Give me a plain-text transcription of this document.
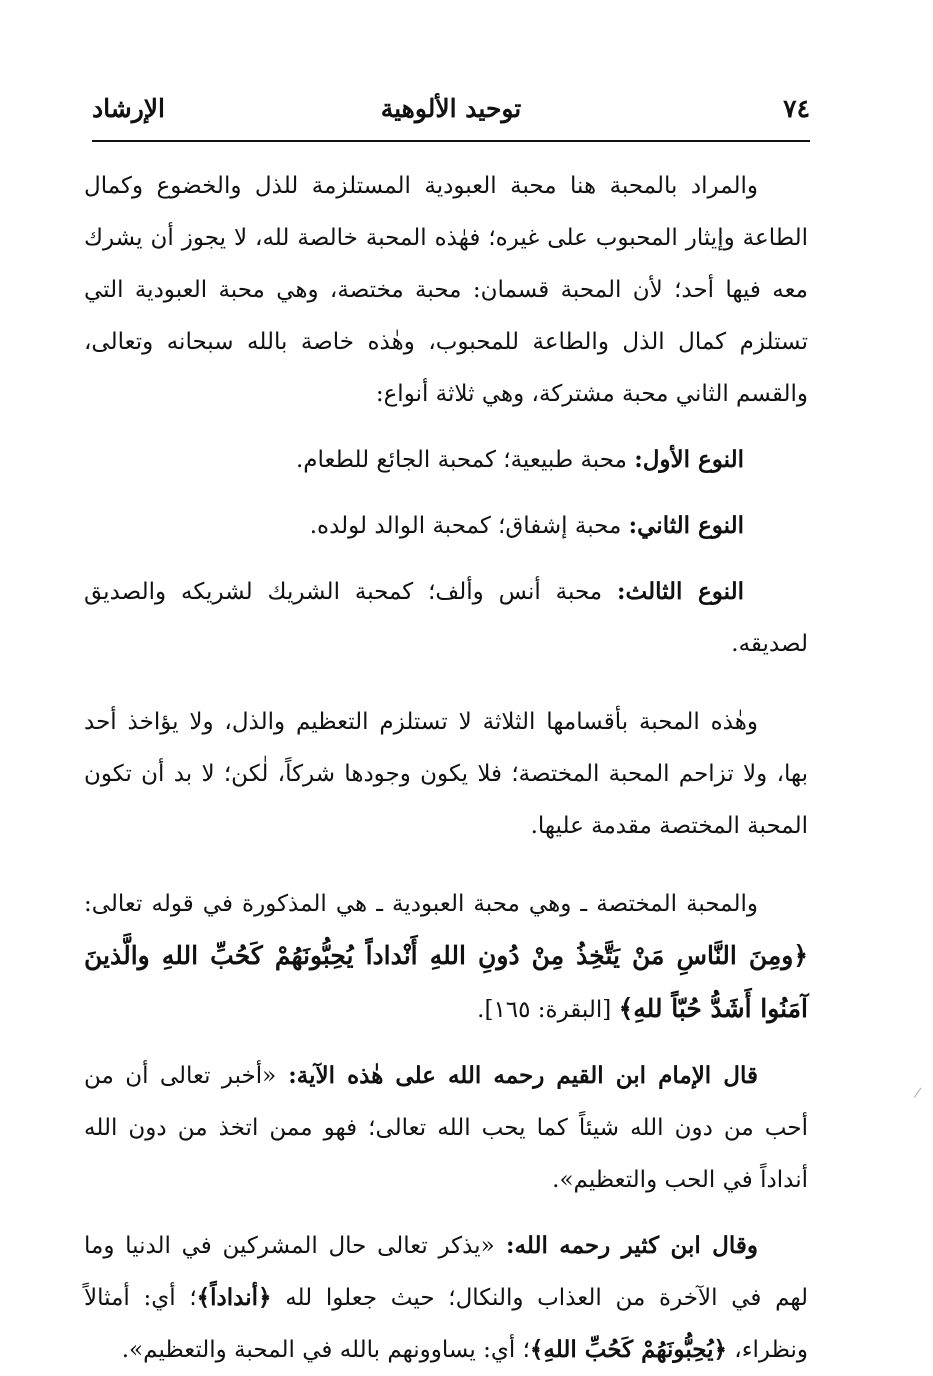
٧٤
توحيد الألوهية
الإرشاد

والمراد بالمحبة هنا محبة العبودية المستلزمة للذل والخضوع وكمال الطاعة وإيثار المحبوب على غيره؛ فهٰذه المحبة خالصة لله، لا يجوز أن يشرك معه فيها أحد؛ لأن المحبة قسمان: محبة مختصة، وهي محبة العبودية التي تستلزم كمال الذل والطاعة للمحبوب، وهٰذه خاصة بالله سبحانه وتعالى، والقسم الثاني محبة مشتركة، وهي ثلاثة أنواع:

النوع الأول: محبة طبيعية؛ كمحبة الجائع للطعام.

النوع الثاني: محبة إشفاق؛ كمحبة الوالد لولده.

النوع الثالث: محبة أنس وألف؛ كمحبة الشريك لشريكه والصديق لصديقه.

وهٰذه المحبة بأقسامها الثلاثة لا تستلزم التعظيم والذل، ولا يؤاخذ أحد بها، ولا تزاحم المحبة المختصة؛ فلا يكون وجودها شركاً، لٰكن؛ لا بد أن تكون المحبة المختصة مقدمة عليها.

والمحبة المختصة ـ وهي محبة العبودية ـ هي المذكورة في قوله تعالى: ﴿ومِنَ النَّاسِ مَنْ يَتَّخِذُ مِنْ دُونِ اللهِ أَنْداداً يُحِبُّونَهُمْ كَحُبِّ اللهِ والَّذينَ آمَنُوا أَشَدُّ حُبّاً للهِ﴾ [البقرة: ١٦٥].

قال الإمام ابن القيم رحمه الله على هٰذه الآية: «أخبر تعالى أن من أحب من دون الله شيئاً كما يحب الله تعالى؛ فهو ممن اتخذ من دون الله أنداداً في الحب والتعظيم».

وقال ابن كثير رحمه الله: «يذكر تعالى حال المشركين في الدنيا وما لهم في الآخرة من العذاب والنكال؛ حيث جعلوا لله ﴿أنداداً﴾؛ أي: أمثالاً ونظراء، ﴿يُحِبُّونَهُمْ كَحُبِّ اللهِ﴾؛ أي: يساوونهم بالله في المحبة والتعظيم».
